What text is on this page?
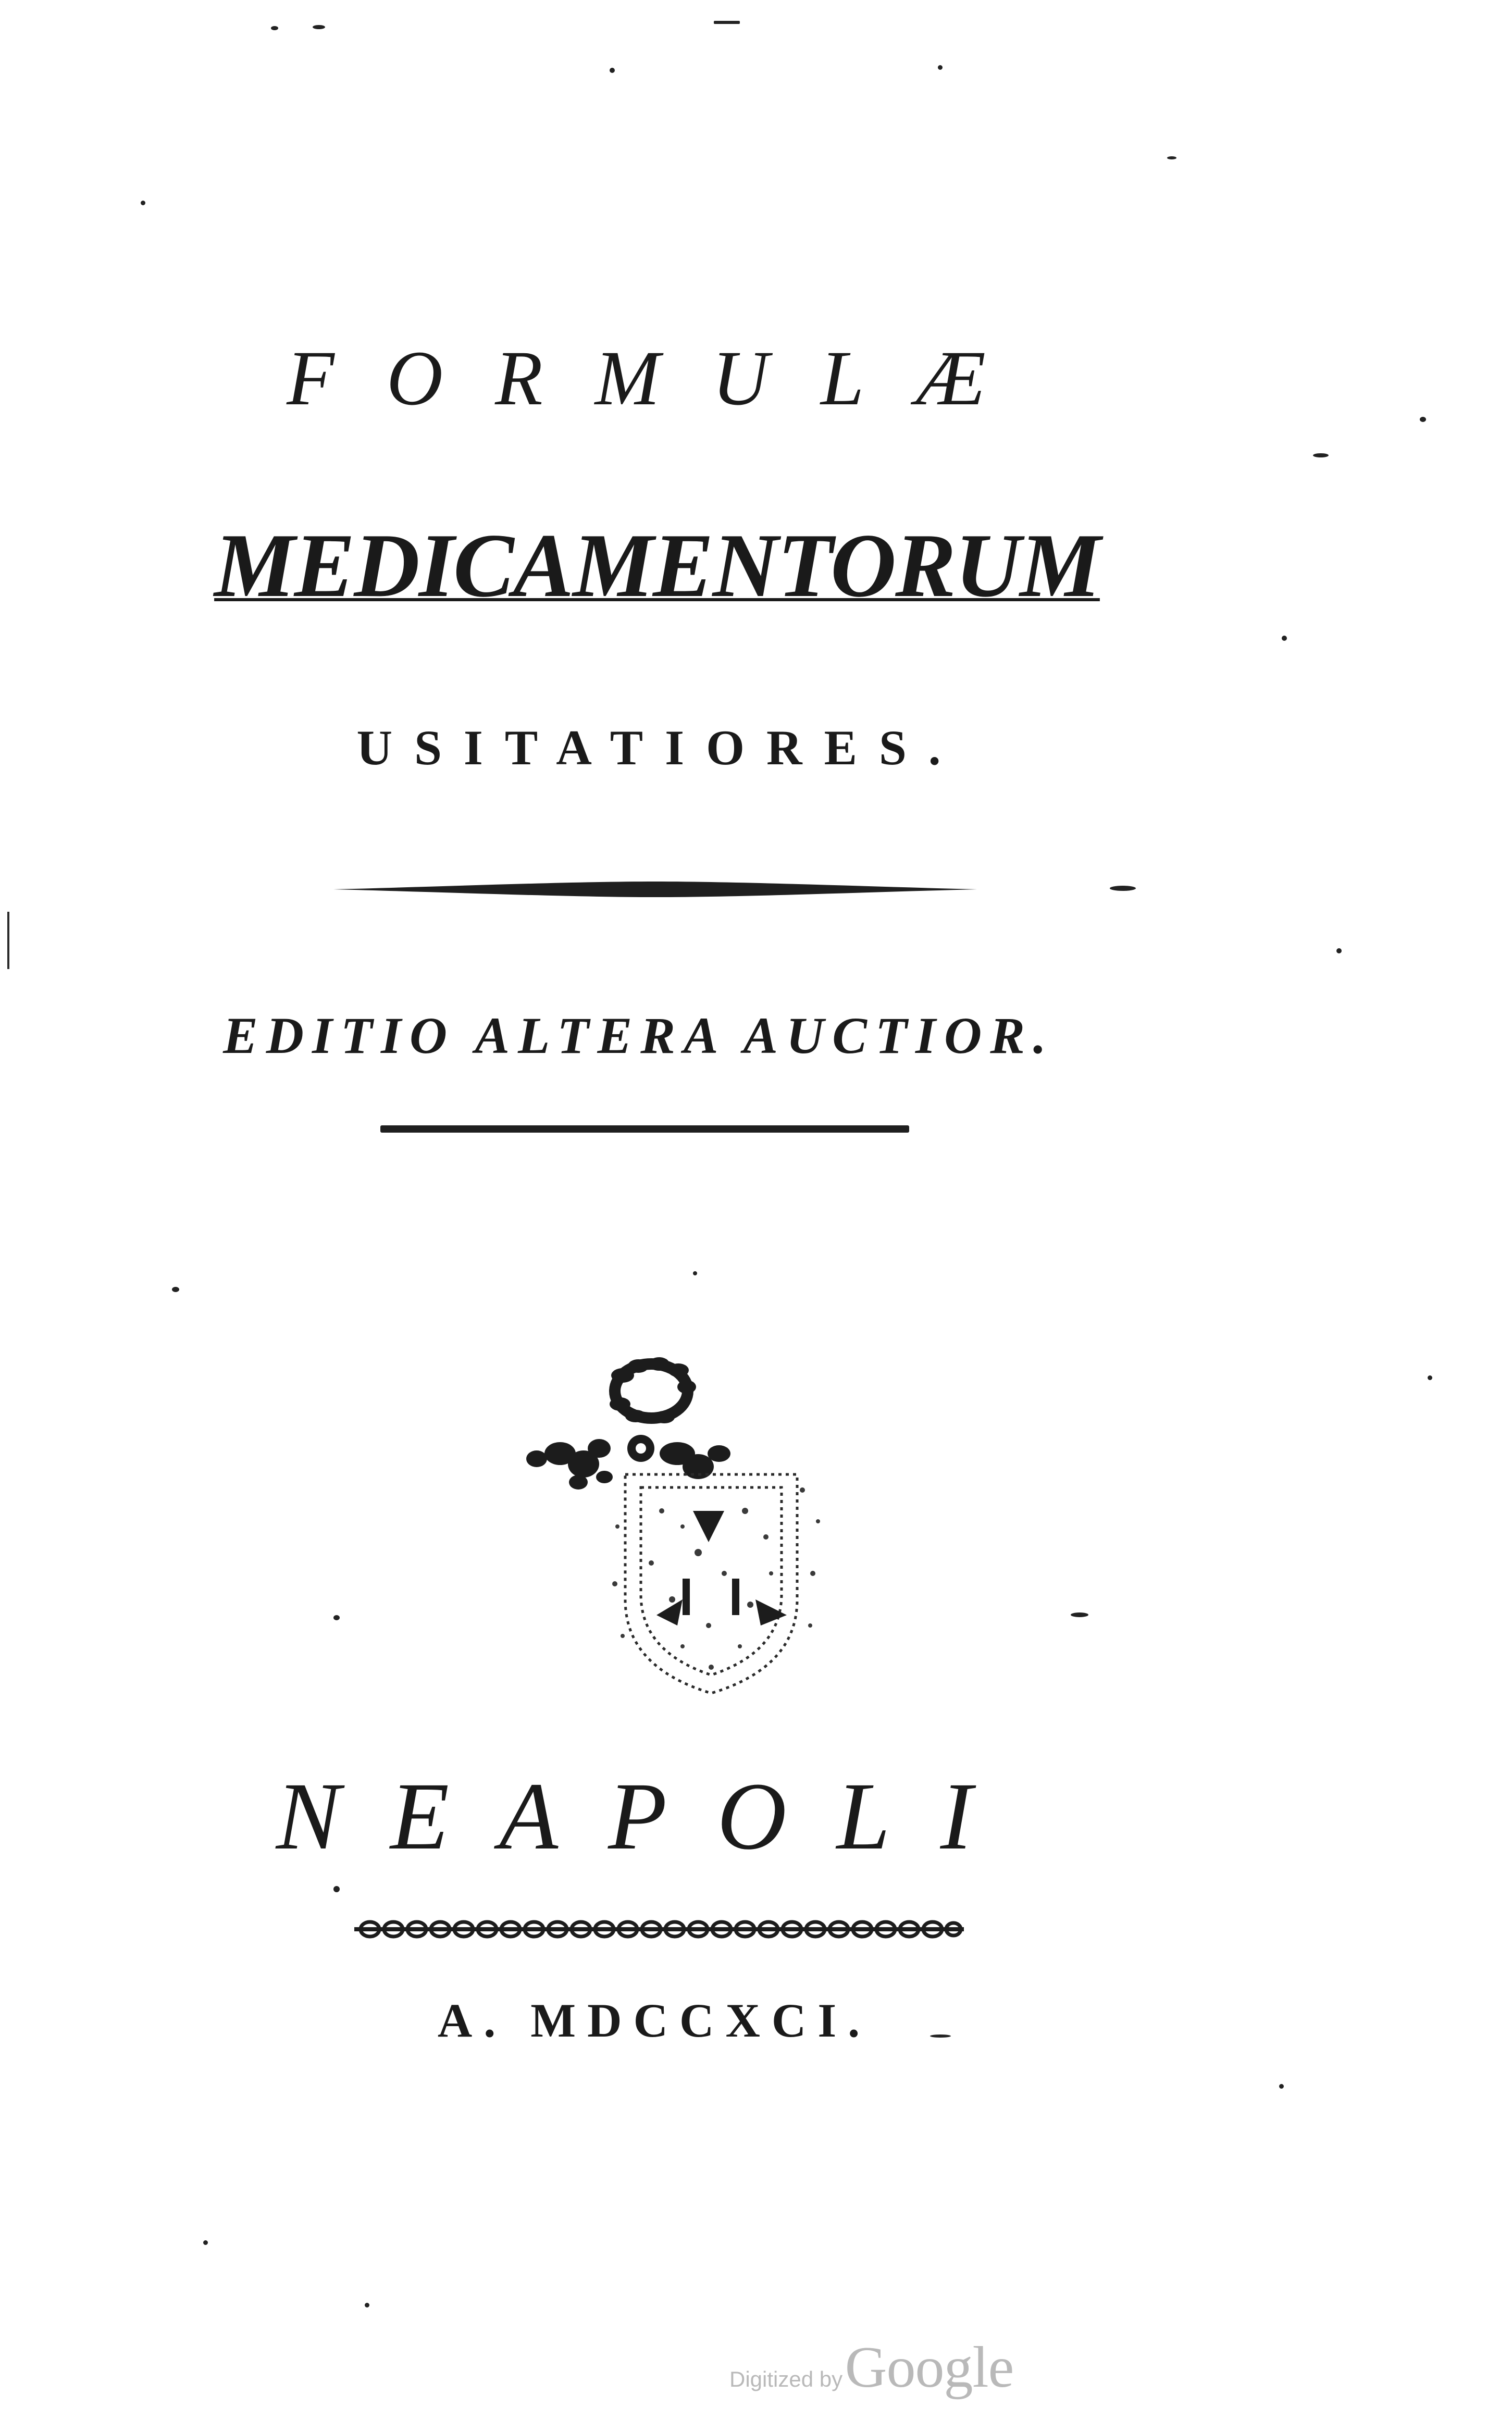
FORMULÆ
MEDICAMENTORUM
USITATIORES.
EDITIO ALTERA AUCTIOR.
NEAPOLI
A. MDCCXCI.
Digitized by Google
